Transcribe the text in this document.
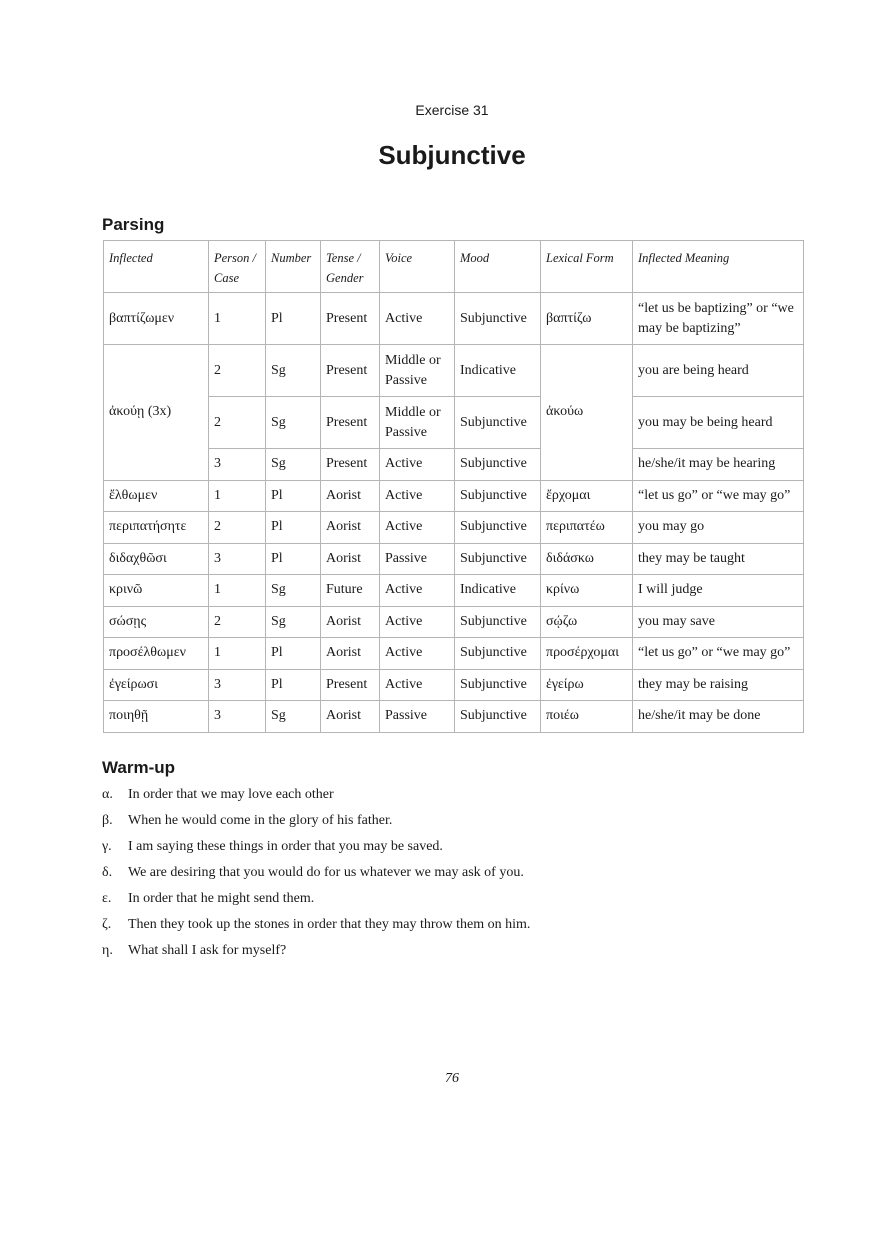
Exercise 31
Subjunctive
Parsing
Inflected	Person / Case	Number	Tense / Gender	Voice	Mood	Lexical Form	Inflected Meaning
βαπτίζωμεν	1	Pl	Present	Active	Subjunctive	βαπτίζω	“let us be baptizing” or “we may be baptizing”
ἀκούῃ (3x)	2	Sg	Present	Middle or Passive	Indicative	ἀκούω	you are being heard
	2	Sg	Present	Middle or Passive	Subjunctive		you may be being heard
	3	Sg	Present	Active	Subjunctive		he/she/it may be hearing
ἔλθωμεν	1	Pl	Aorist	Active	Subjunctive	ἔρχομαι	“let us go” or “we may go”
περιπατήσητε	2	Pl	Aorist	Active	Subjunctive	περιπατέω	you may go
διδαχθῶσι	3	Pl	Aorist	Passive	Subjunctive	διδάσκω	they may be taught
κρινῶ	1	Sg	Future	Active	Indicative	κρίνω	I will judge
σώσῃς	2	Sg	Aorist	Active	Subjunctive	σῴζω	you may save
προσέλθωμεν	1	Pl	Aorist	Active	Subjunctive	προσέρχομαι	“let us go” or “we may go”
ἐγείρωσι	3	Pl	Present	Active	Subjunctive	ἐγείρω	they may be raising
ποιηθῇ	3	Sg	Aorist	Passive	Subjunctive	ποιέω	he/she/it may be done
Warm-up
α.	In order that we may love each other
β.	When he would come in the glory of his father.
γ.	I am saying these things in order that you may be saved.
δ.	We are desiring that you would do for us whatever we may ask of you.
ε.	In order that he might send them.
ζ.	Then they took up the stones in order that they may throw them on him.
η.	What shall I ask for myself?
76
